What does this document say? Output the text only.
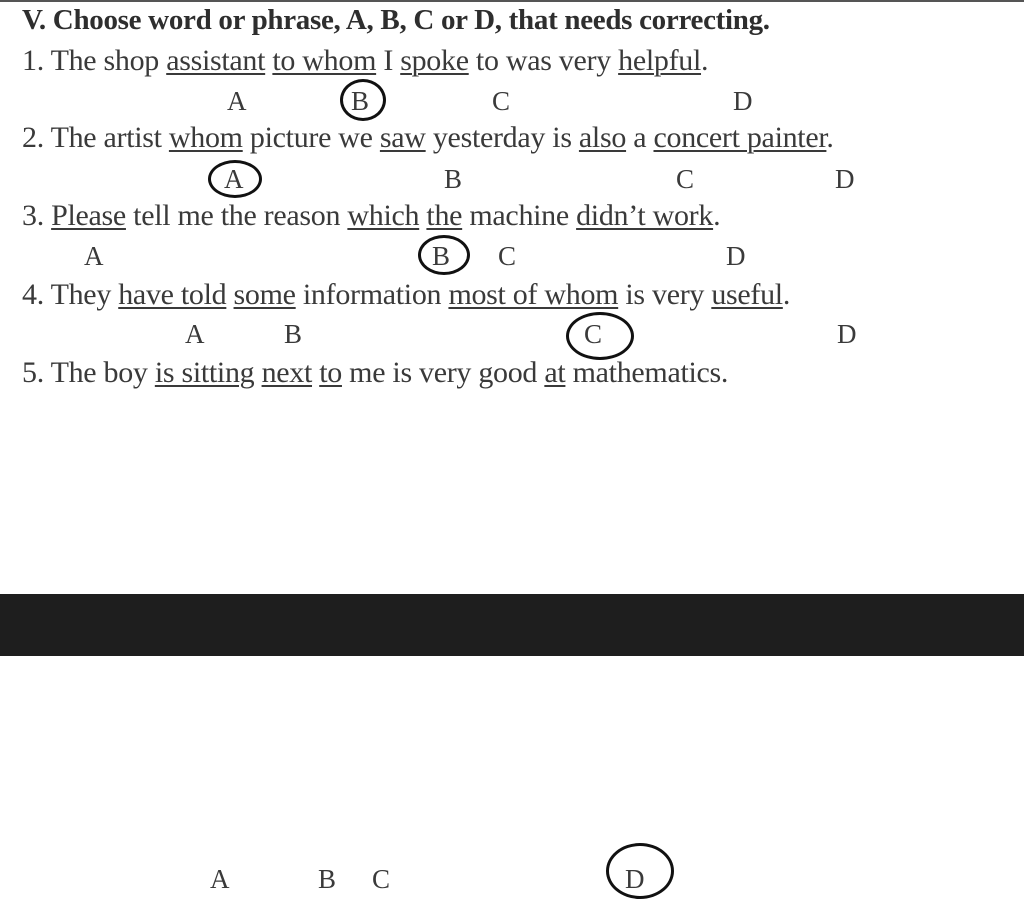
V. Choose word or phrase, A, B, C or D, that needs correcting.
1. The shop assistant to whom I spoke to was very helpful.
A	B	C	D
2. The artist whom picture we saw yesterday is also a concert painter.
A	B	C	D
3. Please tell me the reason which the machine didn’t work.
A	B C	D
4. They have told some information most of whom is very useful.
A	B	C	D
5. The boy is sitting next to me is very good at mathematics.
A	B C	D
